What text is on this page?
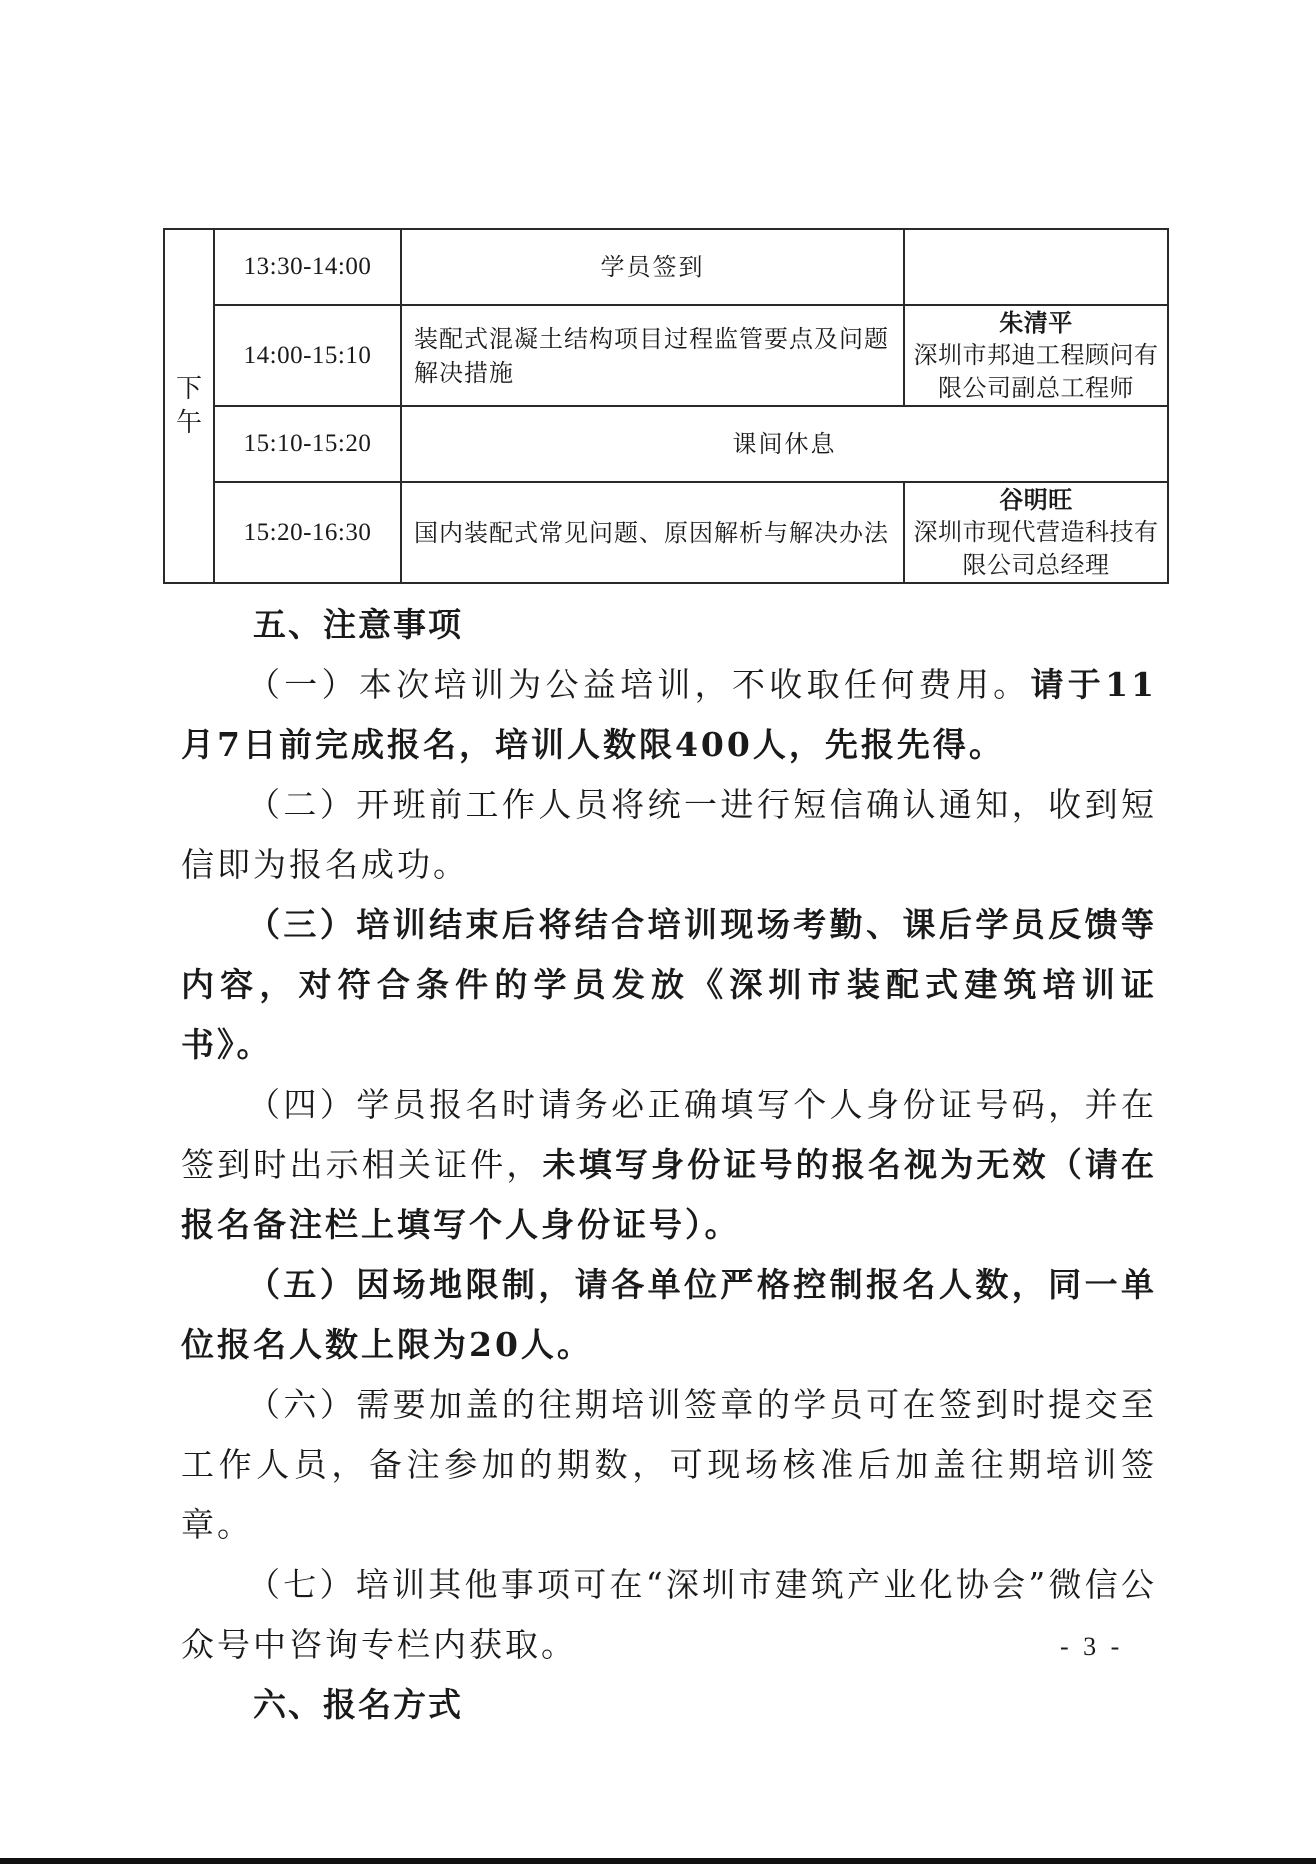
下午	13:30-14:00	学员签到	
	14:00-15:10	装配式混凝土结构项目过程监管要点及问题解决措施	朱清平
深圳市邦迪工程顾问有限公司副总工程师

	15:10-15:20	课间休息	
	15:20-16:30	国内装配式常见问题、原因解析与解决办法	谷明旺
深圳市现代营造科技有限公司总经理

五、注意事项

（一）本次培训为公益培训，不收取任何费用。请于11月7日前完成报名，培训人数限400人，先报先得。

（二）开班前工作人员将统一进行短信确认通知，收到短信即为报名成功。

（三）培训结束后将结合培训现场考勤、课后学员反馈等内容，对符合条件的学员发放《深圳市装配式建筑培训证书》。

（四）学员报名时请务必正确填写个人身份证号码，并在签到时出示相关证件，未填写身份证号的报名视为无效（请在报名备注栏上填写个人身份证号）。

（五）因场地限制，请各单位严格控制报名人数，同一单位报名人数上限为20人。

（六）需要加盖的往期培训签章的学员可在签到时提交至工作人员，备注参加的期数，可现场核准后加盖往期培训签章。

（七）培训其他事项可在“深圳市建筑产业化协会”微信公众号中咨询专栏内获取。

六、报名方式

- 3 -
